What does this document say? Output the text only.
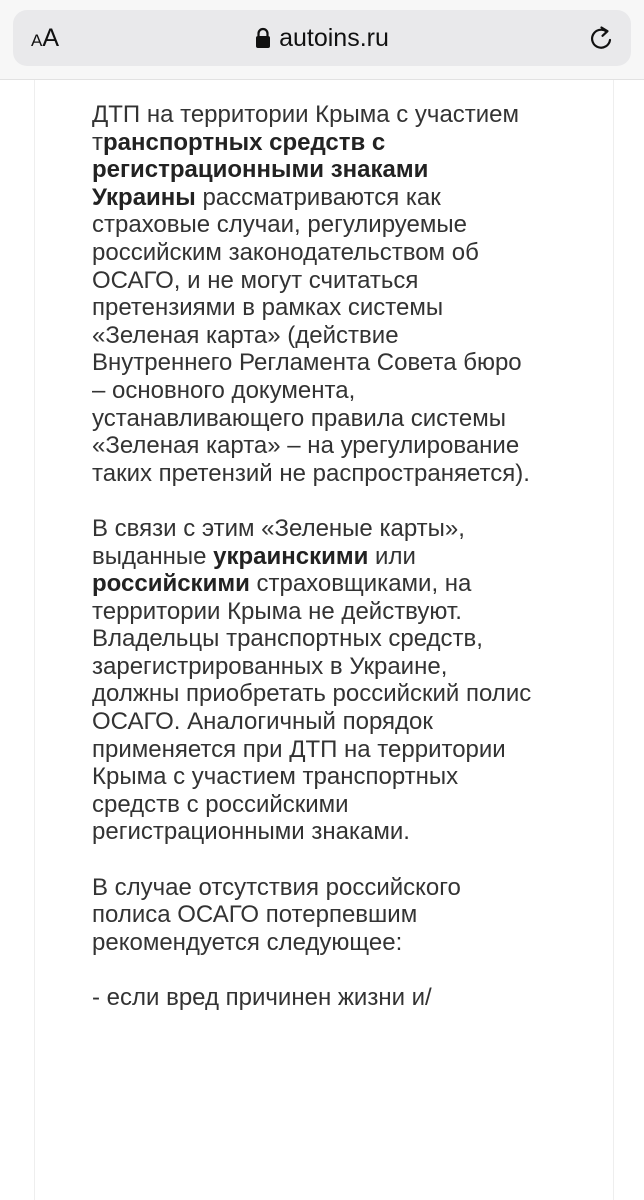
AA	autoins.ru

ДТП на территории Крыма с участием транспортных средств с регистрационными знаками Украины рассматриваются как страховые случаи, регулируемые российским законодательством об ОСАГО, и не могут считаться претензиями в рамках системы «Зеленая карта» (действие Внутреннего Регламента Совета бюро – основного документа, устанавливающего правила системы «Зеленая карта» – на урегулирование таких претензий не распространяется).

В связи с этим «Зеленые карты», выданные украинскими или российскими страховщиками, на территории Крыма не действуют. Владельцы транспортных средств, зарегистрированных в Украине, должны приобретать российский полис ОСАГО. Аналогичный порядок применяется при ДТП на территории Крыма с участием транспортных средств с российскими регистрационными знаками.

В случае отсутствия российского полиса ОСАГО потерпевшим рекомендуется следующее:

- если вред причинен жизни и/
